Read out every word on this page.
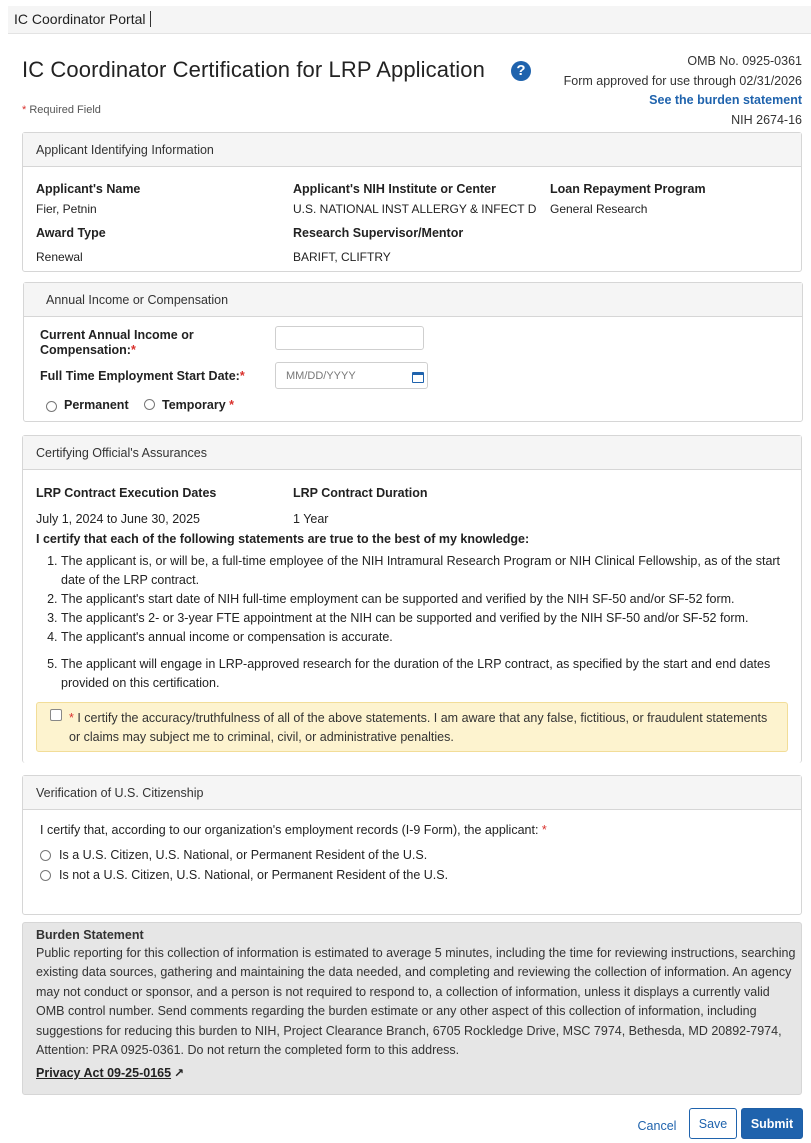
IC Coordinator Portal
IC Coordinator Certification for LRP Application	?
OMB No. 0925-0361
Form approved for use through 02/31/2026
See the burden statement
NIH 2674-16
* Required Field
Applicant Identifying Information
Applicant's Name
Fier, Petnin
Applicant's NIH Institute or Center
U.S. NATIONAL INST ALLERGY & INFECT D
Loan Repayment Program
General Research
Award Type
Renewal
Research Supervisor/Mentor
BARIFT, CLIFTRY
Annual Income or Compensation
Current Annual Income or
Compensation:*
Full Time Employment Start Date:*
MM/DD/YYYY
Permanent	Temporary *
Certifying Official's Assurances
LRP Contract Execution Dates
July 1, 2024 to June 30, 2025
LRP Contract Duration
1 Year
I certify that each of the following statements are true to the best of my knowledge:
1. The applicant is, or will be, a full-time employee of the NIH Intramural Research Program or NIH Clinical Fellowship, as of the start date of the LRP contract.
2. The applicant's start date of NIH full-time employment can be supported and verified by the NIH SF-50 and/or SF-52 form.
3. The applicant's 2- or 3-year FTE appointment at the NIH can be supported and verified by the NIH SF-50 and/or SF-52 form.
4. The applicant's annual income or compensation is accurate.
5. The applicant will engage in LRP-approved research for the duration of the LRP contract, as specified by the start and end dates provided on this certification.
* I certify the accuracy/truthfulness of all of the above statements. I am aware that any false, fictitious, or fraudulent statements or claims may subject me to criminal, civil, or administrative penalties.
Verification of U.S. Citizenship
I certify that, according to our organization's employment records (I-9 Form), the applicant: *
Is a U.S. Citizen, U.S. National, or Permanent Resident of the U.S.
Is not a U.S. Citizen, U.S. National, or Permanent Resident of the U.S.
Burden Statement
Public reporting for this collection of information is estimated to average 5 minutes, including the time for reviewing instructions, searching existing data sources, gathering and maintaining the data needed, and completing and reviewing the collection of information. An agency may not conduct or sponsor, and a person is not required to respond to, a collection of information, unless it displays a currently valid OMB control number. Send comments regarding the burden estimate or any other aspect of this collection of information, including suggestions for reducing this burden to NIH, Project Clearance Branch, 6705 Rockledge Drive, MSC 7974, Bethesda, MD 20892-7974, Attention: PRA 0925-0361. Do not return the completed form to this address.
Privacy Act 09-25-0165 ↗
Cancel	Save	Submit
